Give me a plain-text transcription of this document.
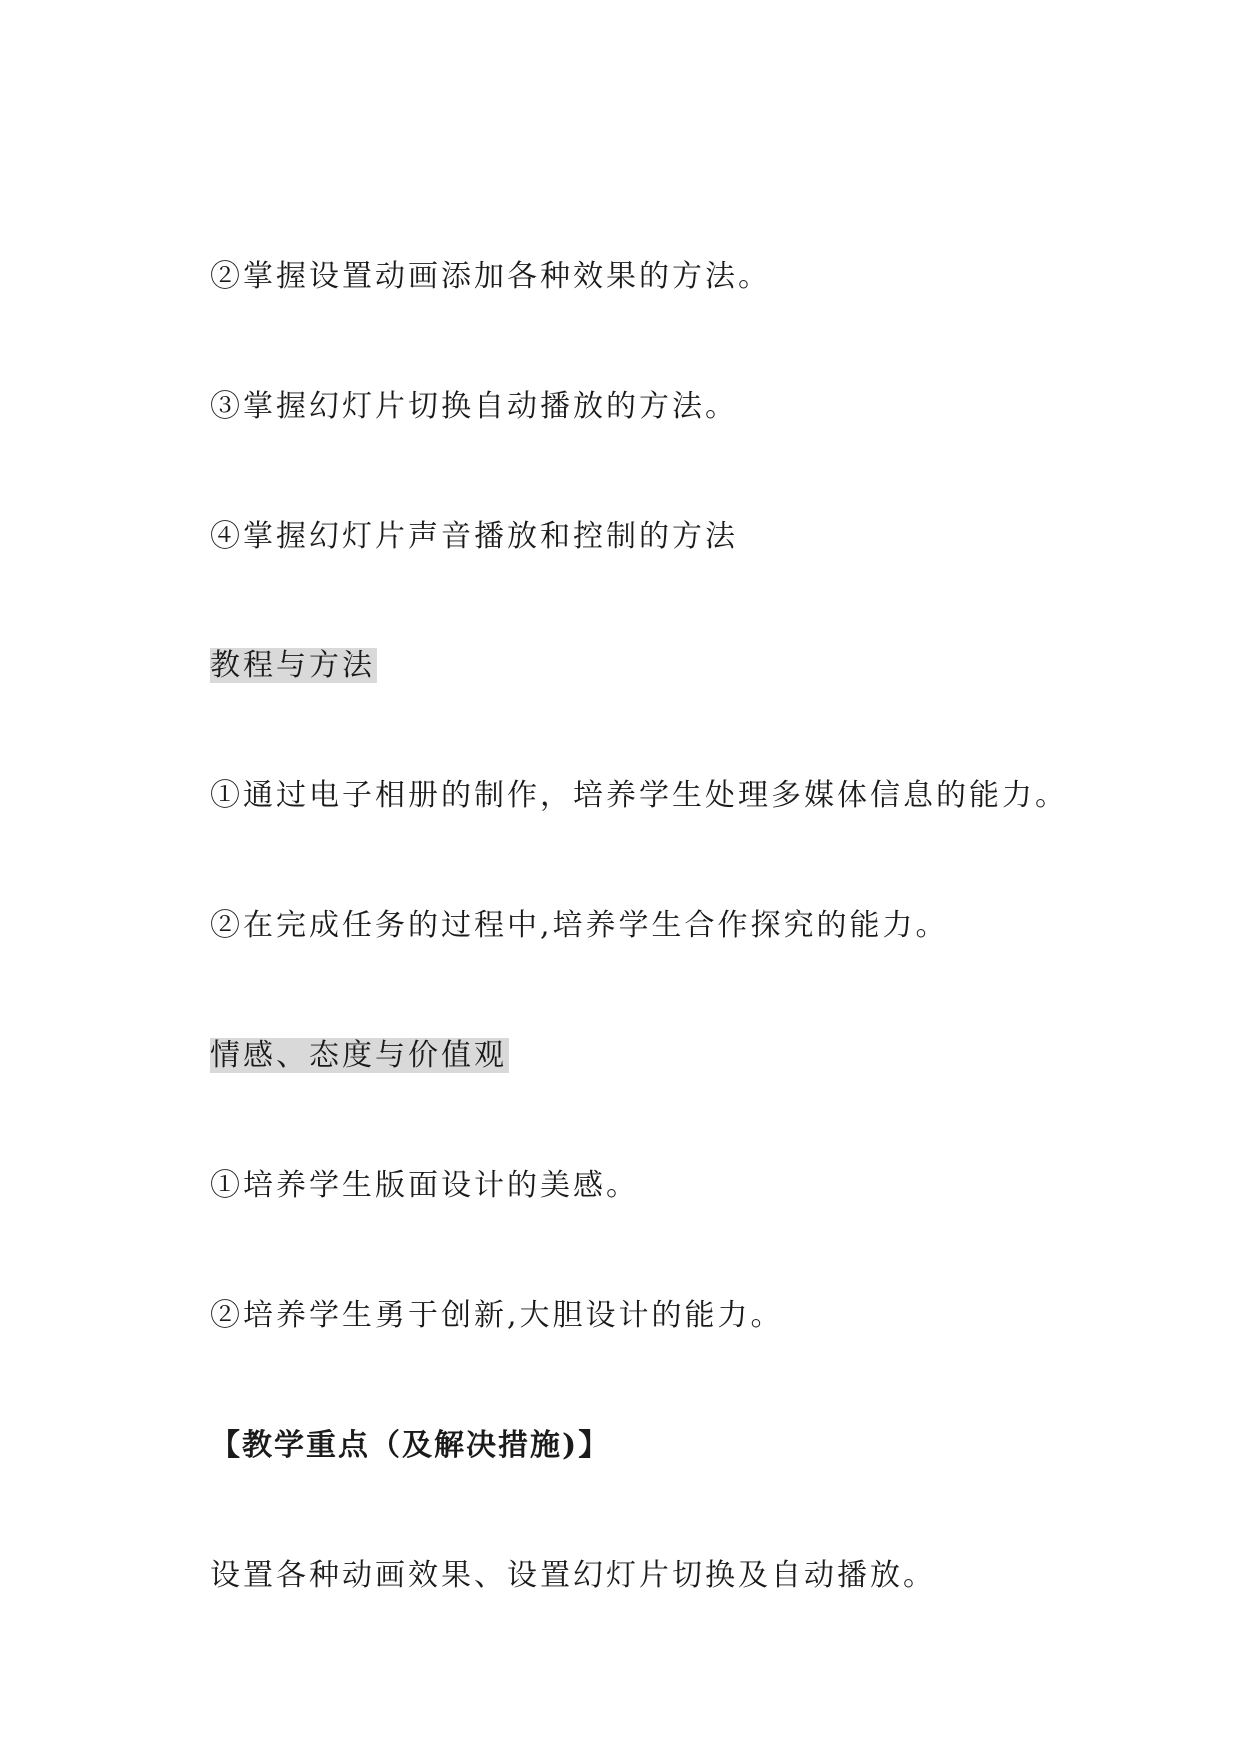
②掌握设置动画添加各种效果的方法。
③掌握幻灯片切换自动播放的方法。
④掌握幻灯片声音播放和控制的方法
教程与方法
①通过电子相册的制作，培养学生处理多媒体信息的能力。
②在完成任务的过程中,培养学生合作探究的能力。
情感、态度与价值观
①培养学生版面设计的美感。
②培养学生勇于创新,大胆设计的能力。
【教学重点（及解决措施)】
设置各种动画效果、设置幻灯片切换及自动播放。
